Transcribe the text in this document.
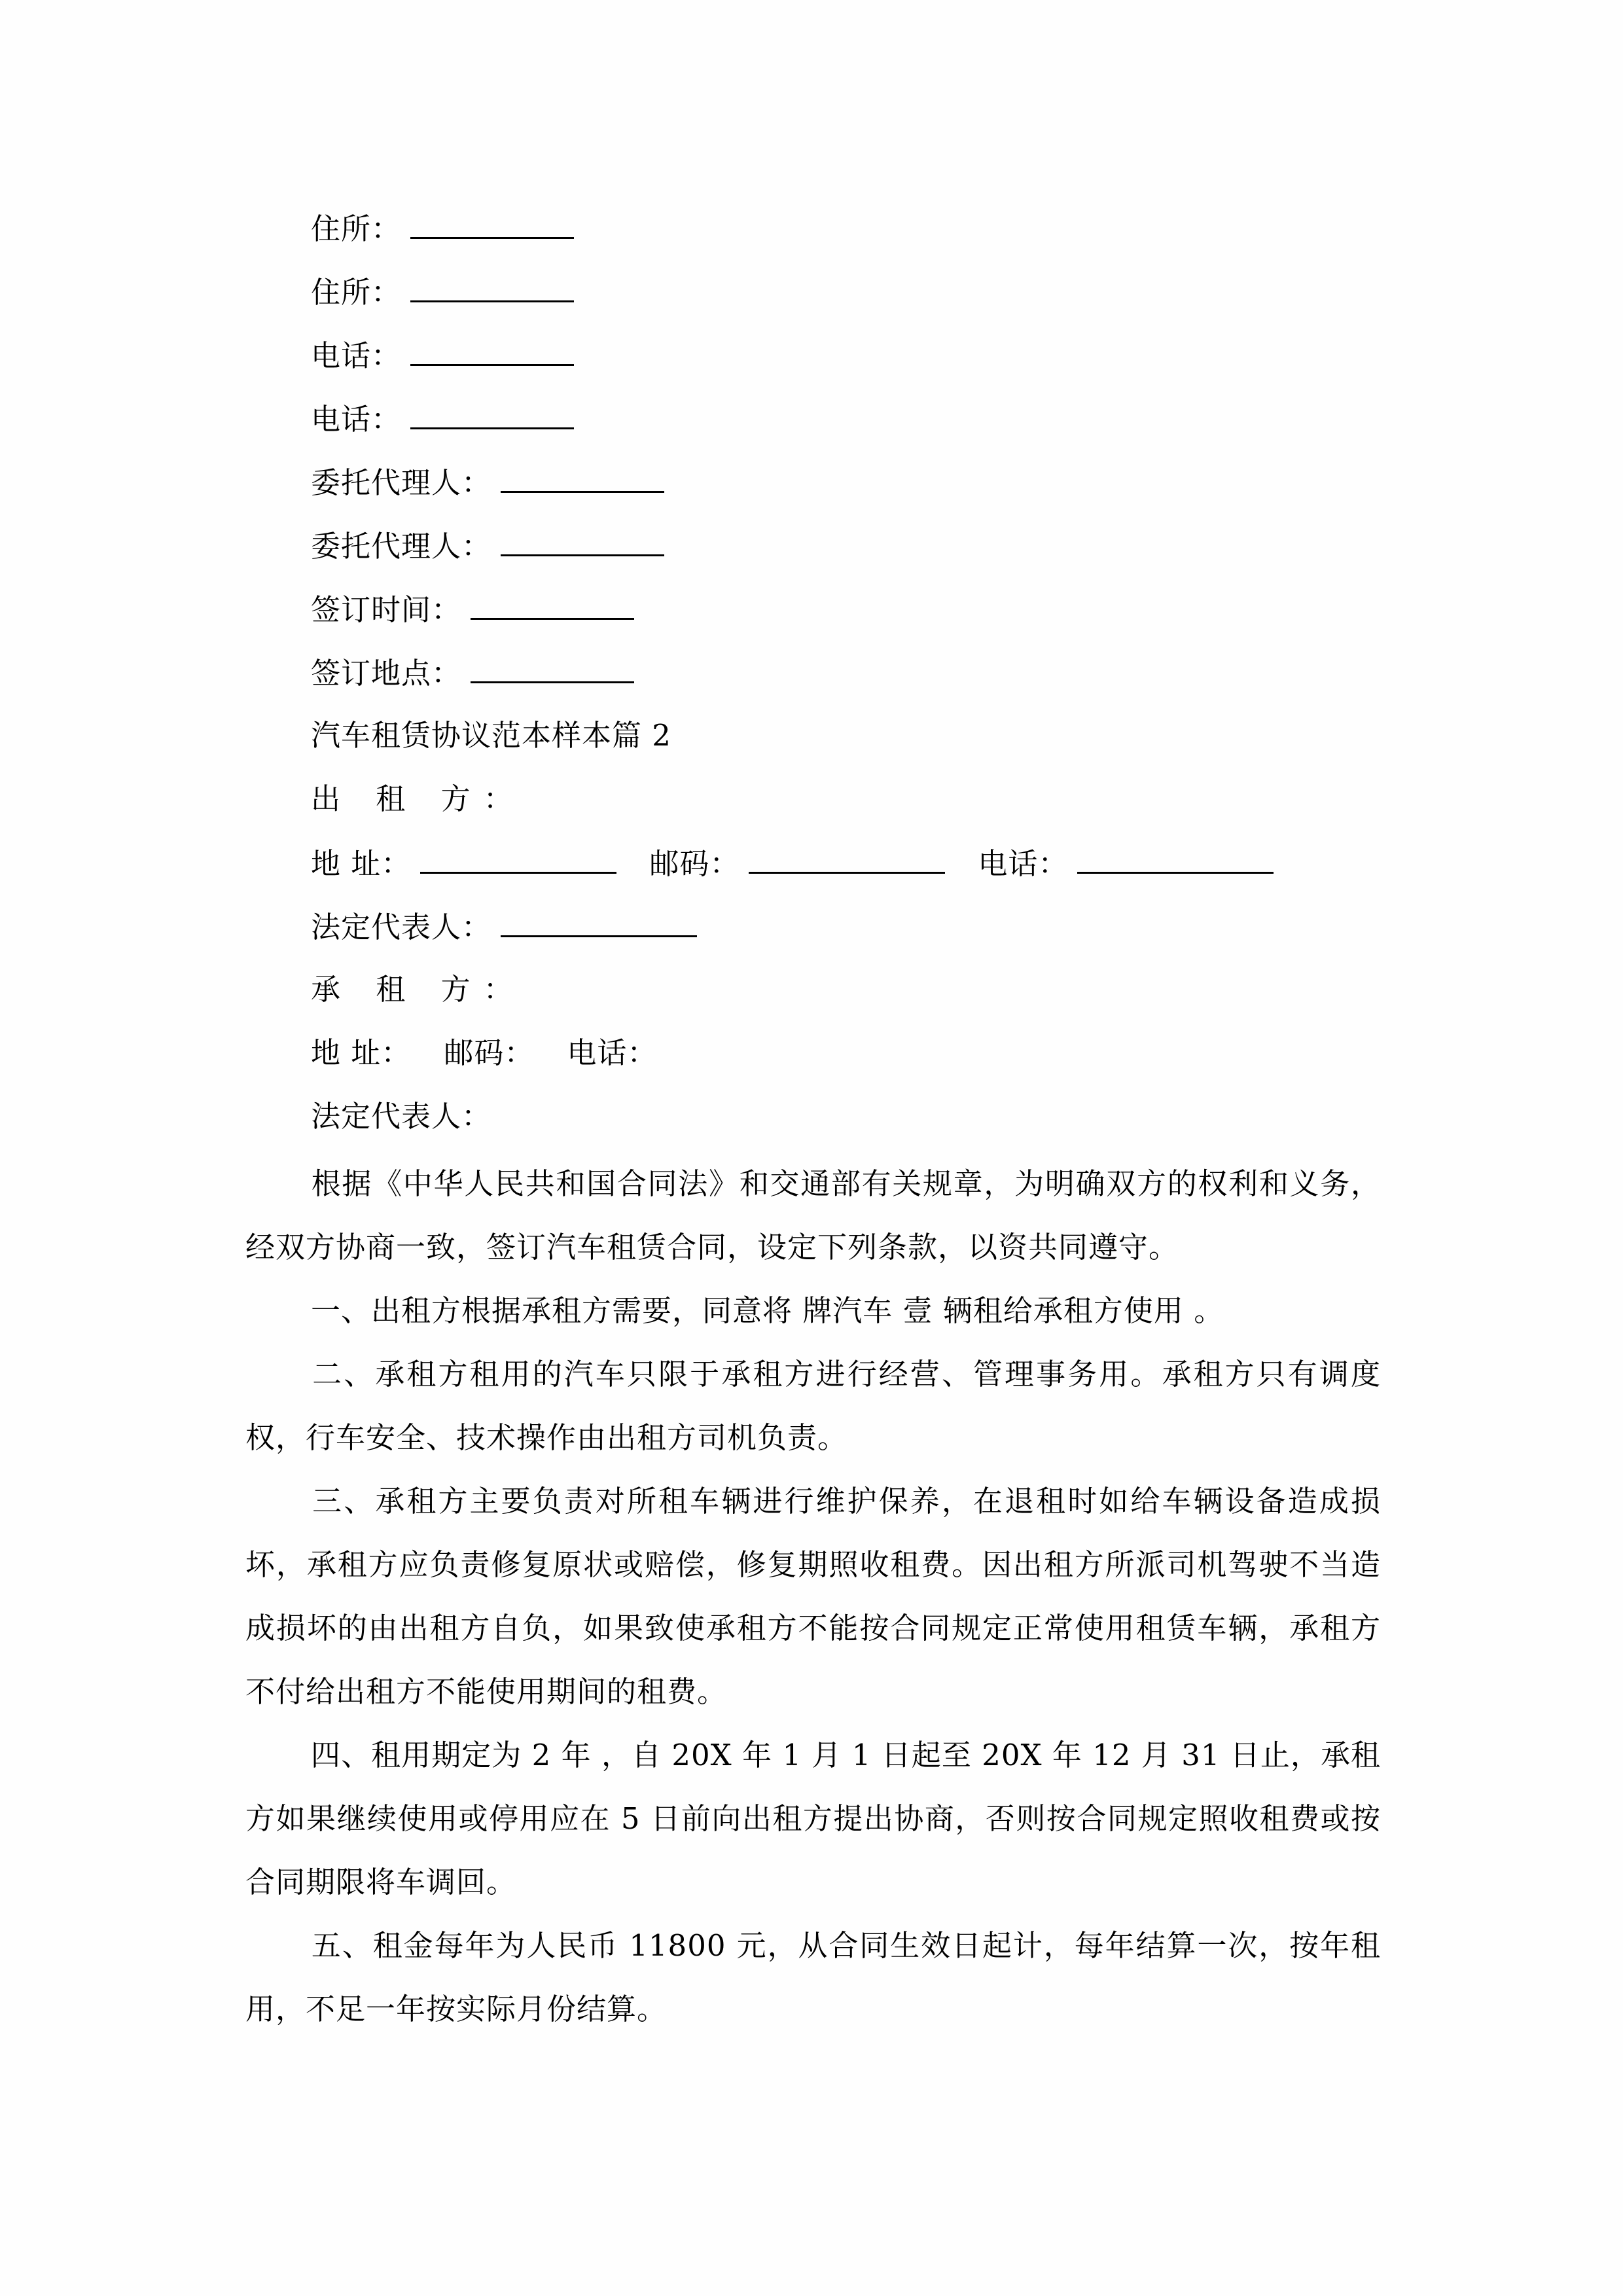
住所：
住所：
电话：
电话：
委托代理人：
委托代理人：
签订时间：
签订地点：
汽车租赁协议范本样本篇 2
出 租 方：
地 址：	邮码：	电话：
法定代表人：
承 租 方：
地 址： 邮码： 电话：
法定代表人：
根据《中华人民共和国合同法》和交通部有关规章，为明确双方的权利和义务，经双方协商一致，签订汽车租赁合同，设定下列条款，以资共同遵守。
一、出租方根据承租方需要，同意将 牌汽车 壹 辆租给承租方使用 。
二、承租方租用的汽车只限于承租方进行经营、管理事务用。承租方只有调度权，行车安全、技术操作由出租方司机负责。
三、承租方主要负责对所租车辆进行维护保养，在退租时如给车辆设备造成损坏，承租方应负责修复原状或赔偿，修复期照收租费。因出租方所派司机驾驶不当造成损坏的由出租方自负，如果致使承租方不能按合同规定正常使用租赁车辆，承租方不付给出租方不能使用期间的租费。
四、租用期定为 2 年 ，自 20X 年 1 月 1 日起至 20X 年 12 月 31 日止，承租方如果继续使用或停用应在 5 日前向出租方提出协商，否则按合同规定照收租费或按合同期限将车调回。
五、租金每年为人民币 11800 元，从合同生效日起计，每年结算一次，按年租用，不足一年按实际月份结算。
